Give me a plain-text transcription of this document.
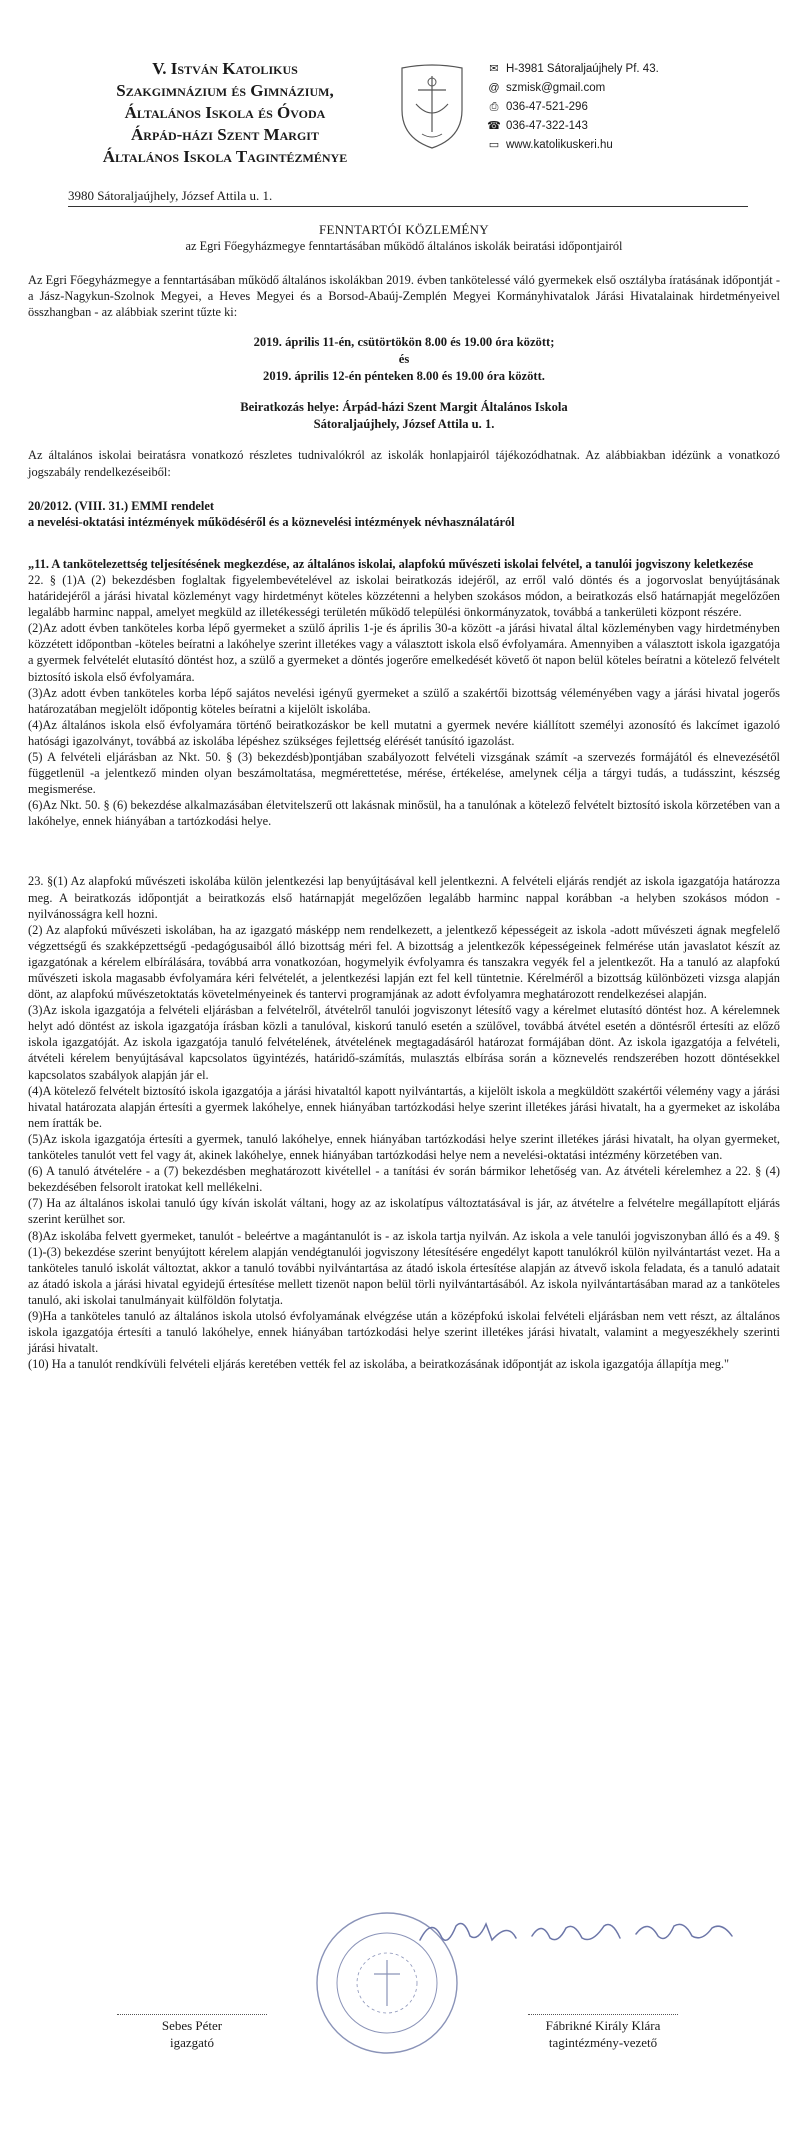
V. István Katolikus
Szakgimnázium és Gimnázium,
Általános Iskola és Óvoda
Árpád-házi Szent Margit
Általános Iskola Tagintézménye
✉ H-3981 Sátoraljaújhely Pf. 43.
@ szmisk@gmail.com
⎙ 036-47-521-296
☎ 036-47-322-143
▭ www.katolikuskeri.hu
3980 Sátoraljaújhely, József Attila u. 1.
FENNTARTÓI KÖZLEMÉNY
az Egri Főegyházmegye fenntartásában működő általános iskolák beiratási időpontjairól
Az Egri Főegyházmegye a fenntartásában működő általános iskolákban 2019. évben tankötelessé váló gyermekek első osztályba íratásának időpontját - a Jász-Nagykun-Szolnok Megyei, a Heves Megyei és a Borsod-Abaúj-Zemplén Megyei Kormányhivatalok Járási Hivatalainak hirdetményeivel összhangban - az alábbiak szerint tűzte ki:
2019. április 11-én, csütörtökön 8.00 és 19.00 óra között;
és
2019. április 12-én pénteken 8.00 és 19.00 óra között.
Beiratkozás helye: Árpád-házi Szent Margit Általános Iskola
Sátoraljaújhely, József Attila u. 1.
Az általános iskolai beiratásra vonatkozó részletes tudnivalókról az iskolák honlapjairól tájékozódhatnak. Az alábbiakban idézünk a vonatkozó jogszabály rendelkezéseiből:
20/2012. (VIII. 31.) EMMI rendelet
a nevelési-oktatási intézmények működéséről és a köznevelési intézmények névhasználatáról
„11. A tankötelezettség teljesítésének megkezdése, az általános iskolai, alapfokú művészeti iskolai felvétel, a tanulói jogviszony keletkezése
22. § (1)A (2) bekezdésben foglaltak figyelembevételével az iskolai beiratkozás idejéről, az erről való döntés és a jogorvoslat benyújtásának határidejéről a járási hivatal közleményt vagy hirdetményt köteles közzétenni a helyben szokásos módon, a beiratkozás első határnapját megelőzően legalább harminc nappal, amelyet megküld az illetékességi területén működő települési önkormányzatok, továbbá a tankerületi központ részére.
(2)Az adott évben tanköteles korba lépő gyermeket a szülő április 1-je és április 30-a között -a járási hivatal által közleményben vagy hirdetményben közzétett időpontban -köteles beíratni a lakóhelye szerint illetékes vagy a választott iskola első évfolyamára. Amennyiben a választott iskola igazgatója a gyermek felvételét elutasító döntést hoz, a szülő a gyermeket a döntés jogerőre emelkedését követő öt napon belül köteles beíratni a kötelező felvételt biztosító iskola első évfolyamára.
(3)Az adott évben tanköteles korba lépő sajátos nevelési igényű gyermeket a szülő a szakértői bizottság véleményében vagy a járási hivatal jogerős határozatában megjelölt időpontig köteles beíratni a kijelölt iskolába.
(4)Az általános iskola első évfolyamára történő beiratkozáskor be kell mutatni a gyermek nevére kiállított személyi azonosító és lakcímet igazoló hatósági igazolványt, továbbá az iskolába lépéshez szükséges fejlettség elérését tanúsító igazolást.
(5) A felvételi eljárásban az Nkt. 50. § (3) bekezdésb)pontjában szabályozott felvételi vizsgának számít -a szervezés formájától és elnevezésétől függetlenül -a jelentkező minden olyan beszámoltatása, megmérettetése, mérése, értékelése, amelynek célja a tárgyi tudás, a tudásszint, készség megismerése.
(6)Az Nkt. 50. § (6) bekezdése alkalmazásában életvitelszerű ott lakásnak minősül, ha a tanulónak a kötelező felvételt biztosító iskola körzetében van a lakóhelye, ennek hiányában a tartózkodási helye.
23. §(1) Az alapfokú művészeti iskolába külön jelentkezési lap benyújtásával kell jelentkezni. A felvételi eljárás rendjét az iskola igazgatója határozza meg. A beiratkozás időpontját a beiratkozás első határnapját megelőzően legalább harminc nappal korábban -a helyben szokásos módon -nyilvánosságra kell hozni.
(2) Az alapfokú művészeti iskolában, ha az igazgató másképp nem rendelkezett, a jelentkező képességeit az iskola -adott művészeti ágnak megfelelő végzettségű és szakképzettségű -pedagógusaiból álló bizottság méri fel. A bizottság a jelentkezők képességeinek felmérése után javaslatot készít az igazgatónak a kérelem elbírálására, továbbá arra vonatkozóan, hogymelyik évfolyamra és tanszakra vegyék fel a jelentkezőt. Ha a tanuló az alapfokú művészeti iskola magasabb évfolyamára kéri felvételét, a jelentkezési lapján ezt fel kell tüntetnie. Kérelméről a bizottság különbözeti vizsga alapján dönt, az alapfokú művészetoktatás követelményeinek és tantervi programjának az adott évfolyamra meghatározott rendelkezései alapján.
(3)Az iskola igazgatója a felvételi eljárásban a felvételről, átvételről tanulói jogviszonyt létesítő vagy a kérelmet elutasító döntést hoz. A kérelemnek helyt adó döntést az iskola igazgatója írásban közli a tanulóval, kiskorú tanuló esetén a szülővel, továbbá átvétel esetén a döntésről értesíti az előző iskola igazgatóját. Az iskola igazgatója tanuló felvételének, átvételének megtagadásáról határozat formájában dönt. Az iskola igazgatója a felvételi, átvételi kérelem benyújtásával kapcsolatos ügyintézés, határidő-számítás, mulasztás elbírása során a köznevelés rendszerében hozott döntésekkel kapcsolatos szabályok alapján jár el.
(4)A kötelező felvételt biztosító iskola igazgatója a járási hivataltól kapott nyilvántartás, a kijelölt iskola a megküldött szakértői vélemény vagy a járási hivatal határozata alapján értesíti a gyermek lakóhelye, ennek hiányában tartózkodási helye szerint illetékes járási hivatalt, ha a gyermeket az iskolába nem íratták be.
(5)Az iskola igazgatója értesíti a gyermek, tanuló lakóhelye, ennek hiányában tartózkodási helye szerint illetékes járási hivatalt, ha olyan gyermeket, tanköteles tanulót vett fel vagy át, akinek lakóhelye, ennek hiányában tartózkodási helye nem a nevelési-oktatási intézmény körzetében van.
(6) A tanuló átvételére - a (7) bekezdésben meghatározott kivétellel - a tanítási év során bármikor lehetőség van. Az átvételi kérelemhez a 22. § (4) bekezdésében felsorolt iratokat kell mellékelni.
(7) Ha az általános iskolai tanuló úgy kíván iskolát váltani, hogy az az iskolatípus változtatásával is jár, az átvételre a felvételre megállapított eljárás szerint kerülhet sor.
(8)Az iskolába felvett gyermeket, tanulót - beleértve a magántanulót is - az iskola tartja nyilván. Az iskola a vele tanulói jogviszonyban álló és a 49. § (1)-(3) bekezdése szerint benyújtott kérelem alapján vendégtanulói jogviszony létesítésére engedélyt kapott tanulókról külön nyilvántartást vezet. Ha a tanköteles tanuló iskolát változtat, akkor a tanuló további nyilvántartása az átadó iskola értesítése alapján az átvevő iskola feladata, és a tanuló adatait az átadó iskola a járási hivatal egyidejű értesítése mellett tizenöt napon belül törli nyilvántartásából. Az iskola nyilvántartásában marad az a tanköteles tanuló, aki iskolai tanulmányait külföldön folytatja.
(9)Ha a tanköteles tanuló az általános iskola utolsó évfolyamának elvégzése után a középfokú iskolai felvételi eljárásban nem vett részt, az általános iskola igazgatója értesíti a tanuló lakóhelye, ennek hiányában tartózkodási helye szerint illetékes járási hivatalt, valamint a megyeszékhely szerinti járási hivatalt.
(10) Ha a tanulót rendkívüli felvételi eljárás keretében vették fel az iskolába, a beiratkozásának időpontját az iskola igazgatója állapítja meg."
Sebes Péter
igazgató
Fábrikné Király Klára
tagintézmény-vezető
